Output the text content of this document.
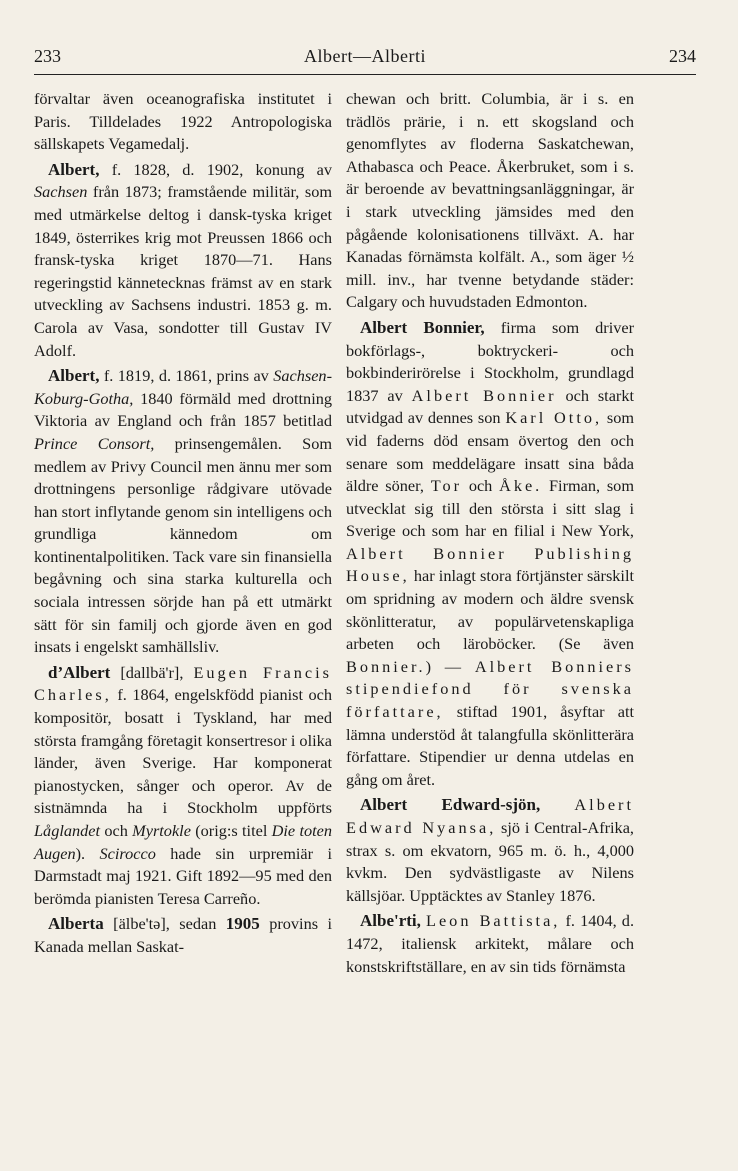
233	Albert—Alberti	234

förvaltar även oceanografiska institutet i Paris. Tilldelades 1922 Antropologiska sällskapets Vegamedalj.

Albert, f. 1828, d. 1902, konung av Sachsen från 1873; framstående militär, som med utmärkelse deltog i dansk-tyska kriget 1849, österrikes krig mot Preussen 1866 och fransk-tyska kriget 1870—71. Hans regeringstid kännetecknas främst av en stark utveckling av Sachsens industri. 1853 g. m. Carola av Vasa, sondotter till Gustav IV Adolf.

Albert, f. 1819, d. 1861, prins av Sachsen-Koburg-Gotha, 1840 förmäld med drottning Viktoria av England och från 1857 betitlad Prince Consort, prinsengemålen. Som medlem av Privy Council men ännu mer som drottningens personlige rådgivare utövade han stort inflytande genom sin intelligens och grundliga kännedom om kontinentalpolitiken. Tack vare sin finansiella begåvning och sina starka kulturella och sociala intressen sörjde han på ett utmärkt sätt för sin familj och gjorde även en god insats i engelskt samhällsliv.

d’Albert [dallbä'r], Eugen Francis Charles, f. 1864, engelskfödd pianist och kompositör, bosatt i Tyskland, har med största framgång företagit konsertresor i olika länder, även Sverige. Har komponerat pianostycken, sånger och operor. Av de sistnämnda ha i Stockholm uppförts Låglandet och Myrtokle (orig:s titel Die toten Augen). Scirocco hade sin urpremiär i Darmstadt maj 1921. Gift 1892—95 med den berömda pianisten Teresa Carreño.

Alberta [älbe'tə], sedan 1905 provins i Kanada mellan Saskat-

chewan och britt. Columbia, är i s. en trädlös prärie, i n. ett skogsland och genomflytes av floderna Saskatchewan, Athabasca och Peace. Åkerbruket, som i s. är beroende av bevattningsanläggningar, är i stark utveckling jämsides med den pågående kolonisationens tillväxt. A. har Kanadas förnämsta kolfält. A., som äger ½ mill. inv., har tvenne betydande städer: Calgary och huvudstaden Edmonton.

Albert Bonnier, firma som driver bokförlags-, boktryckeri- och bokbinderirörelse i Stockholm, grundlagd 1837 av Albert Bonnier och starkt utvidgad av dennes son Karl Otto, som vid faderns död ensam övertog den och senare som meddelägare insatt sina båda äldre söner, Tor och Åke. Firman, som utvecklat sig till den största i sitt slag i Sverige och som har en filial i New York, Albert Bonnier Publishing House, har inlagt stora förtjänster särskilt om spridning av modern och äldre svensk skönlitteratur, av populärvetenskapliga arbeten och läroböcker. (Se även Bonnier.) — Albert Bonniers stipendiefond för svenska författare, stiftad 1901, åsyftar att lämna understöd åt talangfulla skönlitterära författare. Stipendier ur denna utdelas en gång om året.

Albert Edward-sjön, Albert Edward Nyansa, sjö i Central-Afrika, strax s. om ekvatorn, 965 m. ö. h., 4,000 kvkm. Den sydvästligaste av Nilens källsjöar. Upptäcktes av Stanley 1876.

Albe'rti, Leon Battista, f. 1404, d. 1472, italiensk arkitekt, målare och konstskriftställare, en av sin tids förnämsta
